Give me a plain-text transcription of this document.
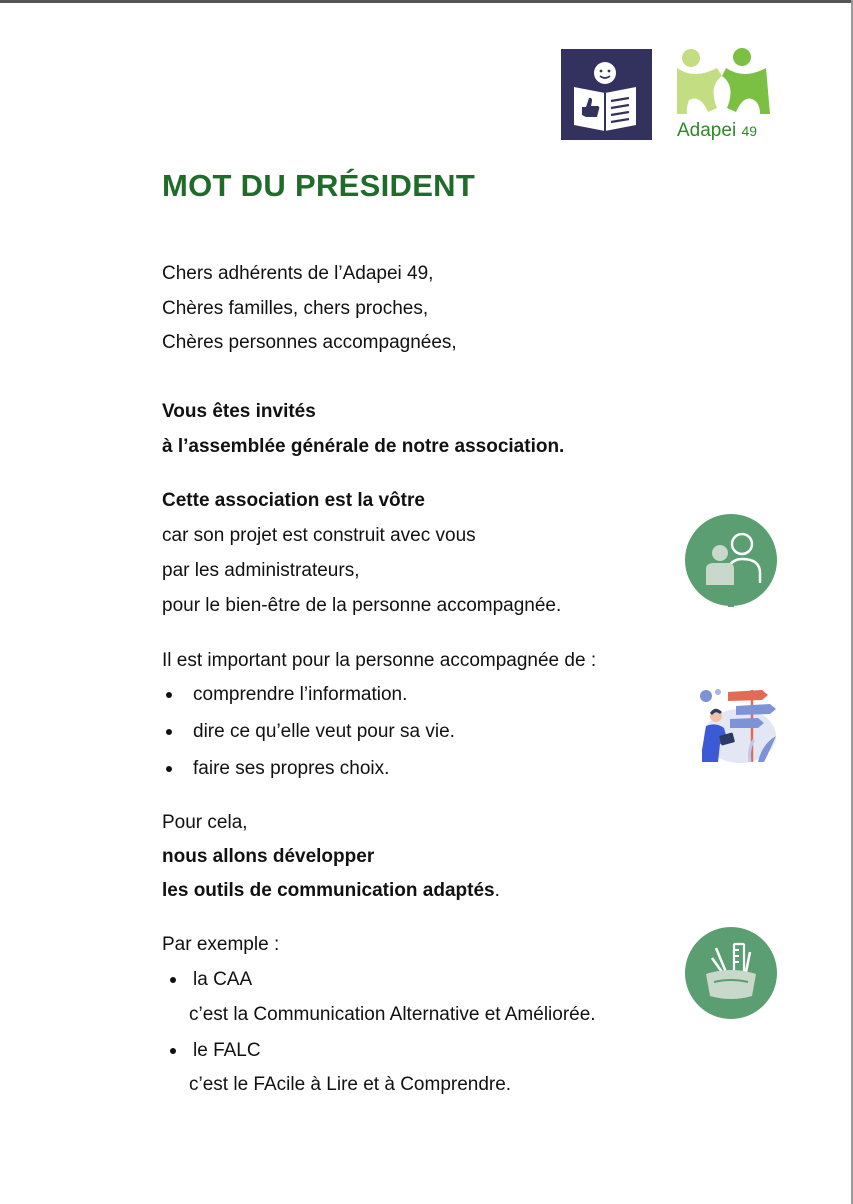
Adapei 49
MOT DU PRÉSIDENT
Chers adhérents de l’Adapei 49,
Chères familles, chers proches,
Chères personnes accompagnées,
Vous êtes invités
à l’assemblée générale de notre association.
Cette association est la vôtre
car son projet est construit avec vous
par les administrateurs,
pour le bien-être de la personne accompagnée.
Il est important pour la personne accompagnée de :
comprendre l’information.
dire ce qu’elle veut pour sa vie.
faire ses propres choix.
Pour cela,
nous allons développer
les outils de communication adaptés.
Par exemple :
la CAA
c’est la Communication Alternative et Améliorée.
le FALC
c’est le FAcile à Lire et à Comprendre.
